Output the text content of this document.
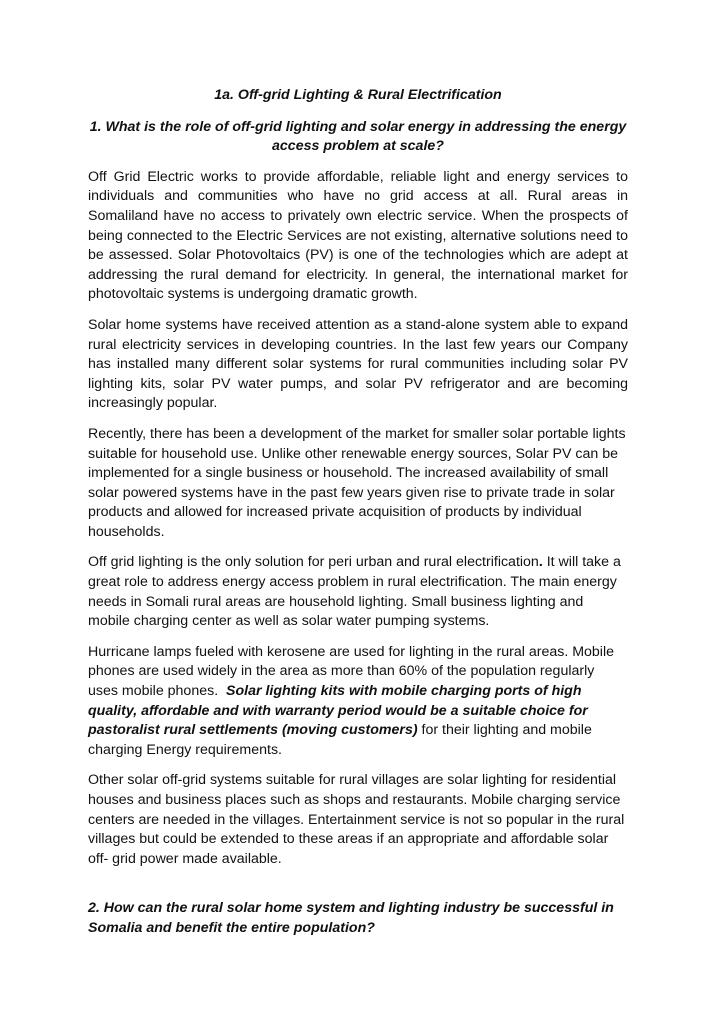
1a. Off-grid Lighting & Rural Electrification

1. What is the role of off-grid lighting and solar energy in addressing the energy access problem at scale?

Off Grid Electric works to provide affordable, reliable light and energy services to individuals and communities who have no grid access at all. Rural areas in Somaliland have no access to privately own electric service. When the prospects of being connected to the Electric Services are not existing, alternative solutions need to be assessed. Solar Photovoltaics (PV) is one of the technologies which are adept at addressing the rural demand for electricity. In general, the international market for photovoltaic systems is undergoing dramatic growth.

Solar home systems have received attention as a stand-alone system able to expand rural electricity services in developing countries. In the last few years our Company has installed many different solar systems for rural communities including solar PV lighting kits, solar PV water pumps, and solar PV refrigerator and are becoming increasingly popular.

Recently, there has been a development of the market for smaller solar portable lights suitable for household use. Unlike other renewable energy sources, Solar PV can be implemented for a single business or household. The increased availability of small solar powered systems have in the past few years given rise to private trade in solar products and allowed for increased private acquisition of products by individual households.

Off grid lighting is the only solution for peri urban and rural electrification. It will take a great role to address energy access problem in rural electrification. The main energy needs in Somali rural areas are household lighting. Small business lighting and mobile charging center as well as solar water pumping systems.

Hurricane lamps fueled with kerosene are used for lighting in the rural areas. Mobile phones are used widely in the area as more than 60% of the population regularly uses mobile phones.  Solar lighting kits with mobile charging ports of high quality, affordable and with warranty period would be a suitable choice for pastoralist rural settlements (moving customers) for their lighting and mobile charging Energy requirements.

Other solar off-grid systems suitable for rural villages are solar lighting for residential houses and business places such as shops and restaurants. Mobile charging service centers are needed in the villages. Entertainment service is not so popular in the rural villages but could be extended to these areas if an appropriate and affordable solar off- grid power made available.

2. How can the rural solar home system and lighting industry be successful in Somalia and benefit the entire population?
